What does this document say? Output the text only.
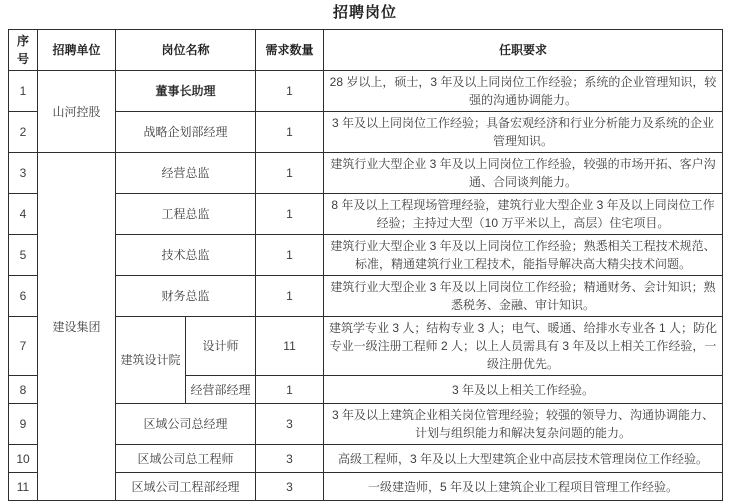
招聘岗位
序号	招聘单位	岗位名称		需求数量	任职要求
1	山河控股	董事长助理		1	28 岁以上，硕士，3 年及以上同岗位工作经验；系统的企业管理知识，较强的沟通协调能力。
2		战略企划部经理		1	3 年及以上同岗位工作经验；具备宏观经济和行业分析能力及系统的企业管理知识。
3	建设集团	经营总监		1	建筑行业大型企业 3 年及以上同岗位工作经验，较强的市场开拓、客户沟通、合同谈判能力。
4		工程总监		1	8 年及以上工程现场管理经验，建筑行业大型企业 3 年及以上同岗位工作经验；主持过大型（10 万平米以上，高层）住宅项目。
5		技术总监		1	建筑行业大型企业 3 年及以上同岗位工作经验；熟悉相关工程技术规范、标准，精通建筑行业工程技术，能指导解决高大精尖技术问题。
6		财务总监		1	建筑行业大型企业 3 年及以上同岗位工作经验；精通财务、会计知识；熟悉税务、金融、审计知识。
7		建筑设计院	设计师	11	建筑学专业 3 人；结构专业 3 人；电气、暖通、给排水专业各 1 人；防化专业一级注册工程师 2 人；以上人员需具有 3 年及以上相关工作经验，一级注册优先。
8			经营部经理	1	3 年及以上相关工作经验。
9		区域公司总经理		3	3 年及以上建筑企业相关岗位管理经验；较强的领导力、沟通协调能力、计划与组织能力和解决复杂问题的能力。
10		区域公司总工程师		3	高级工程师，3 年及以上大型建筑企业中高层技术管理岗位工作经验。
11		区域公司工程部经理		3	一级建造师，5 年及以上建筑企业工程项目管理工作经验。
